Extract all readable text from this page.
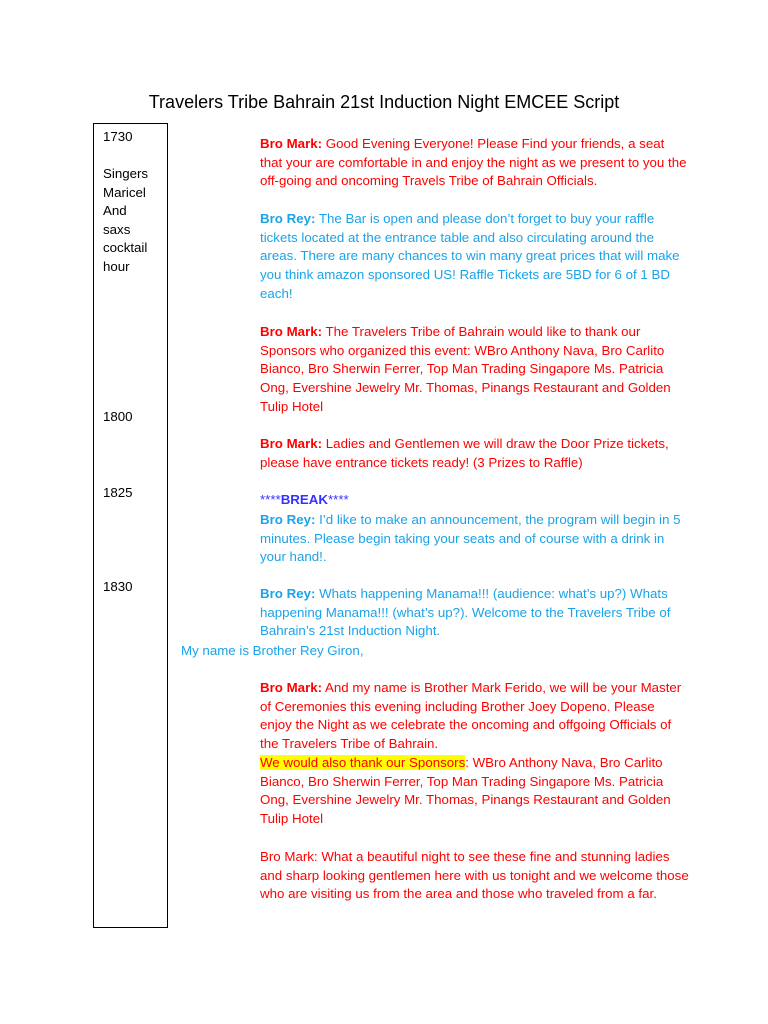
Travelers Tribe Bahrain 21st Induction Night EMCEE Script
1730
Singers
Maricel
And
saxs
cocktail
hour
1800
1825
1830
Bro Mark: Good Evening Everyone! Please Find your friends, a seat that your are comfortable in and enjoy the night as we present to you the off-going and oncoming Travels Tribe of Bahrain Officials.
Bro Rey: The Bar is open and please don’t forget to buy your raffle tickets located at the entrance table and also circulating around the areas. There are many chances to win many great prices that will make you think amazon sponsored US! Raffle Tickets are 5BD for 6 of 1 BD each!
Bro Mark: The Travelers Tribe of Bahrain would like to thank our Sponsors who organized this event: WBro Anthony Nava, Bro Carlito Bianco, Bro Sherwin Ferrer, Top Man Trading Singapore Ms. Patricia Ong, Evershine Jewelry Mr. Thomas, Pinangs Restaurant and Golden Tulip Hotel
Bro Mark: Ladies and Gentlemen we will draw the Door Prize tickets, please have entrance tickets ready! (3 Prizes to Raffle)
****BREAK****
Bro Rey: I’d like to make an announcement, the program will begin in 5 minutes. Please begin taking your seats and of course with a drink in your hand!.
Bro Rey: Whats happening Manama!!! (audience: what’s up?) Whats happening Manama!!! (what’s up?). Welcome to the Travelers Tribe of Bahrain’s 21st Induction Night.
My name is Brother Rey Giron,
Bro Mark: And my name is Brother Mark Ferido, we will be your Master of Ceremonies this evening including Brother Joey Dopeno. Please enjoy the Night as we celebrate the oncoming and offgoing Officials of the Travelers Tribe of Bahrain.
We would also thank our Sponsors: WBro Anthony Nava, Bro Carlito Bianco, Bro Sherwin Ferrer, Top Man Trading Singapore Ms. Patricia Ong, Evershine Jewelry Mr. Thomas, Pinangs Restaurant and Golden Tulip Hotel
Bro Mark: What a beautiful night to see these fine and stunning ladies and sharp looking gentlemen here with us tonight and we welcome those who are visiting us from the area and those who traveled from a far.
